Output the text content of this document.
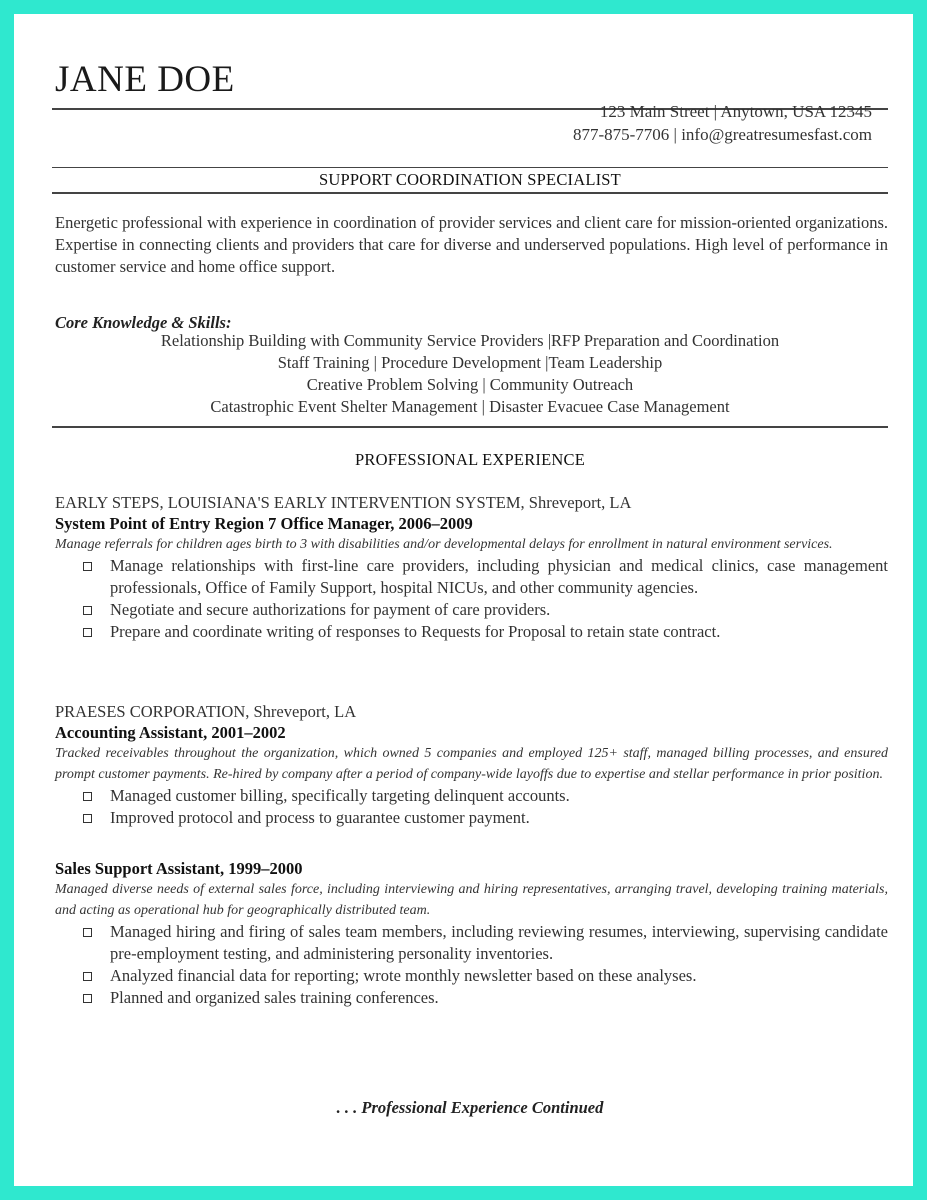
JANE DOE
123 Main Street | Anytown, USA 12345
877-875-7706 | info@greatresumesfast.com
SUPPORT COORDINATION SPECIALIST
Energetic professional with experience in coordination of provider services and client care for mission-oriented organizations. Expertise in connecting clients and providers that care for diverse and underserved populations. High level of performance in customer service and home office support.
Core Knowledge & Skills:
Relationship Building with Community Service Providers |RFP Preparation and Coordination
Staff Training | Procedure Development |Team Leadership
Creative Problem Solving | Community Outreach
Catastrophic Event Shelter Management | Disaster Evacuee Case Management
PROFESSIONAL EXPERIENCE
EARLY STEPS, LOUISIANA'S EARLY INTERVENTION SYSTEM, Shreveport, LA
System Point of Entry Region 7 Office Manager, 2006–2009
Manage referrals for children ages birth to 3 with disabilities and/or developmental delays for enrollment in natural environment services.
Manage relationships with first-line care providers, including physician and medical clinics, case management professionals, Office of Family Support, hospital NICUs, and other community agencies.
Negotiate and secure authorizations for payment of care providers.
Prepare and coordinate writing of responses to Requests for Proposal to retain state contract.
PRAESES CORPORATION, Shreveport, LA
Accounting Assistant, 2001–2002
Tracked receivables throughout the organization, which owned 5 companies and employed 125+ staff, managed billing processes, and ensured prompt customer payments. Re-hired by company after a period of company-wide layoffs due to expertise and stellar performance in prior position.
Managed customer billing, specifically targeting delinquent accounts.
Improved protocol and process to guarantee customer payment.
Sales Support Assistant, 1999–2000
Managed diverse needs of external sales force, including interviewing and hiring representatives, arranging travel, developing training materials, and acting as operational hub for geographically distributed team.
Managed hiring and firing of sales team members, including reviewing resumes, interviewing, supervising candidate pre-employment testing, and administering personality inventories.
Analyzed financial data for reporting; wrote monthly newsletter based on these analyses.
Planned and organized sales training conferences.
. . . Professional Experience Continued
